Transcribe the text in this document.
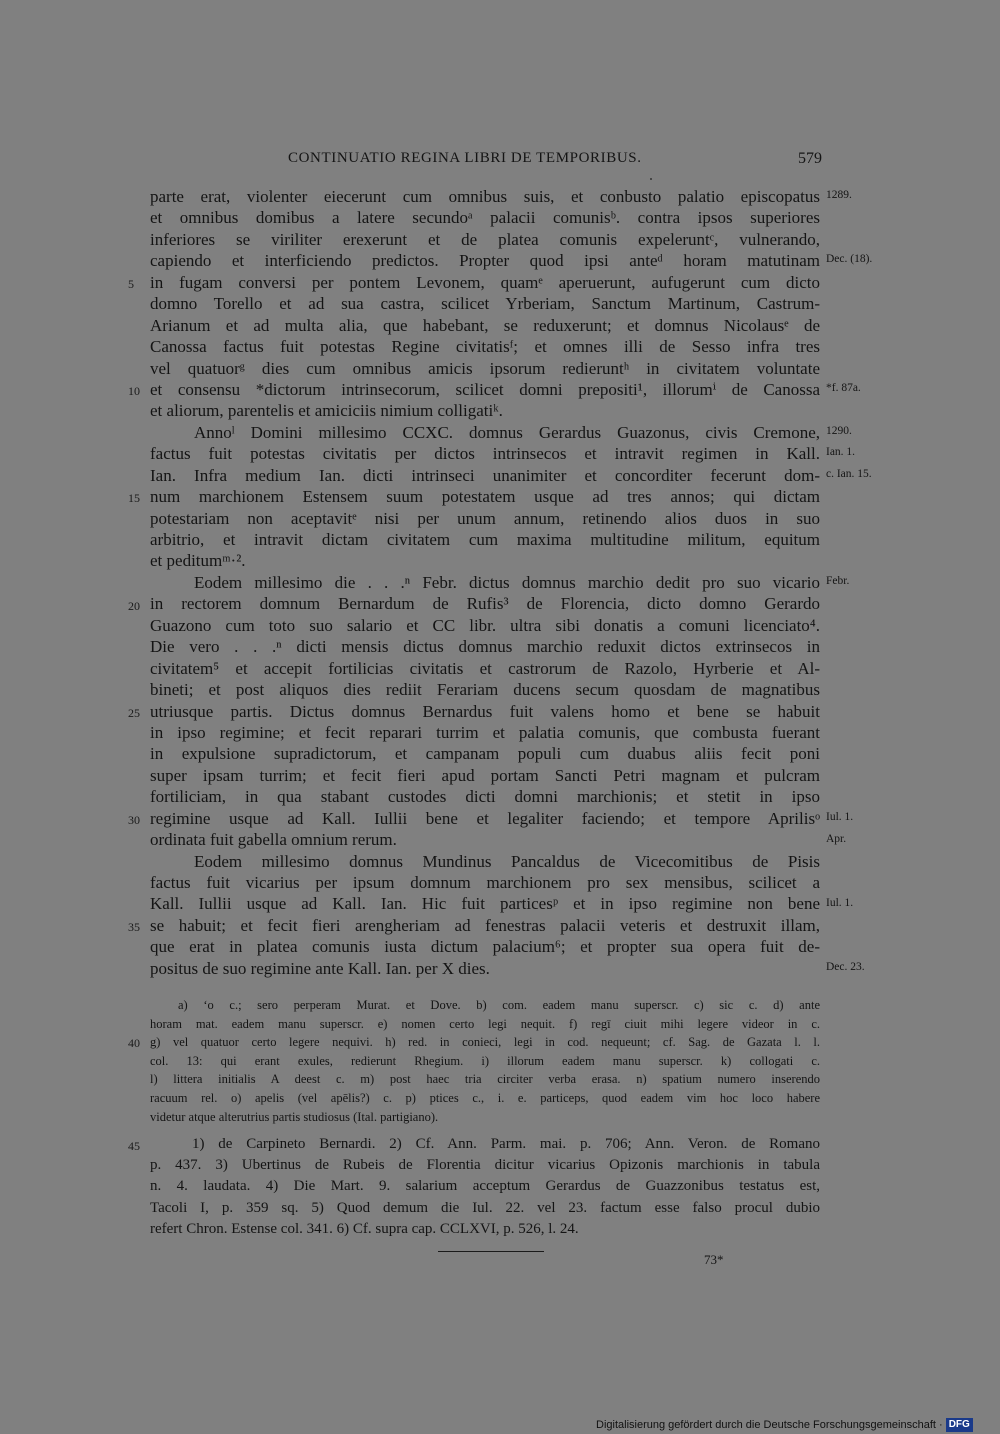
CONTINUATIO REGINA LIBRI DE TEMPORIBUS.	579
parte erat, violenter eiecerunt cum omnibus suis, et conbusto palatio episcopatus
et omnibus domibus a latere secundoᵃ palacii comunisᵇ. contra ipsos superiores
inferiores se viriliter erexerunt et de platea comunis expeleruntᶜ, vulnerando,
capiendo et interficiendo predictos. Propter quod ipsi anteᵈ horam matutinam
in fugam conversi per pontem Levonem, quamᵉ aperuerunt, aufugerunt cum dicto
domno Torello et ad sua castra, scilicet Yrberiam, Sanctum Martinum, Castrum-
Arianum et ad multa alia, que habebant, se reduxerunt; et domnus Nicolausᵉ de
Canossa factus fuit potestas Regine civitatisᶠ; et omnes illi de Sesso infra tres
vel quatuorᵍ dies cum omnibus amicis ipsorum redieruntʰ in civitatem voluntate
et consensu *dictorum intrinsecorum, scilicet domni prepositi¹, illorumⁱ de Canossa
et aliorum, parentelis et amiciciis nimium colligatiᵏ.
Annoˡ Domini millesimo CCXC. domnus Gerardus Guazonus, civis Cremone,
factus fuit potestas civitatis per dictos intrinsecos et intravit regimen in Kall.
Ian. Infra medium Ian. dicti intrinseci unanimiter et concorditer fecerunt dom-
num marchionem Estensem suum potestatem usque ad tres annos; qui dictam
potestariam non aceptavitᵉ nisi per unum annum, retinendo alios duos in suo
arbitrio, et intravit dictam civitatem cum maxima multitudine militum, equitum
et peditumᵐ·².
Eodem millesimo die . . .ⁿ Febr. dictus domnus marchio dedit pro suo vicario
in rectorem domnum Bernardum de Rufis³ de Florencia, dicto domno Gerardo
Guazono cum toto suo salario et CC libr. ultra sibi donatis a comuni licenciato⁴.
Die vero . . .ⁿ dicti mensis dictus domnus marchio reduxit dictos extrinsecos in
civitatem⁵ et accepit fortilicias civitatis et castrorum de Razolo, Hyrberie et Al-
bineti; et post aliquos dies rediit Ferariam ducens secum quosdam de magnatibus
utriusque partis. Dictus domnus Bernardus fuit valens homo et bene se habuit
in ipso regimine; et fecit reparari turrim et palatia comunis, que combusta fuerant
in expulsione supradictorum, et campanam populi cum duabus aliis fecit poni
super ipsam turrim; et fecit fieri apud portam Sancti Petri magnam et pulcram
fortiliciam, in qua stabant custodes dicti domni marchionis; et stetit in ipso
regimine usque ad Kall. Iullii bene et legaliter faciendo; et tempore Aprilisᵒ
ordinata fuit gabella omnium rerum.
Eodem millesimo domnus Mundinus Pancaldus de Vicecomitibus de Pisis
factus fuit vicarius per ipsum domnum marchionem pro sex mensibus, scilicet a
Kall. Iullii usque ad Kall. Ian. Hic fuit particesᵖ et in ipso regimine non bene
se habuit; et fecit fieri arengheriam ad fenestras palacii veteris et destruxit illam,
que erat in platea comunis iusta dictum palacium⁶; et propter sua opera fuit de-
positus de suo regimine ante Kall. Ian. per X dies.
5
10
15
20
25
30
35
40
45
1289.
Dec. (18).
*f. 87a.
1290.
Ian. 1.
c. Ian. 15.
Febr.
Iul. 1.
Apr.
Iul. 1.
Dec. 23.
a) ‘o c.; sero perperam Murat. et Dove. b) com. eadem manu superscr. c) sic c. d) ante
horam mat. eadem manu superscr. e) nomen certo legi nequit. f) regī ciuit mihi legere videor in c.
g) vel quatuor certo legere nequivi. h) red. in conieci, legi in cod. nequeunt; cf. Sag. de Gazata l. l.
col. 13: qui erant exules, redierunt Rhegium. i) illorum eadem manu superscr. k) collogati c.
l) littera initialis A deest c. m) post haec tria circiter verba erasa. n) spatium numero inserendo
racuum rel. o) apelis (vel apēlis?) c. p) ptices c., i. e. particeps, quod eadem vim hoc loco habere
videtur atque alterutrius partis studiosus (Ital. partigiano).
1) de Carpineto Bernardi. 2) Cf. Ann. Parm. mai. p. 706; Ann. Veron. de Romano
p. 437. 3) Ubertinus de Rubeis de Florentia dicitur vicarius Opizonis marchionis in tabula
n. 4. laudata. 4) Die Mart. 9. salarium acceptum Gerardus de Guazzonibus testatus est,
Tacoli I, p. 359 sq. 5) Quod demum die Iul. 22. vel 23. factum esse falso procul dubio
refert Chron. Estense col. 341. 6) Cf. supra cap. CCLXVI, p. 526, l. 24.
73*
Digitalisierung gefördert durch die Deutsche Forschungsgemeinschaft · DFG
